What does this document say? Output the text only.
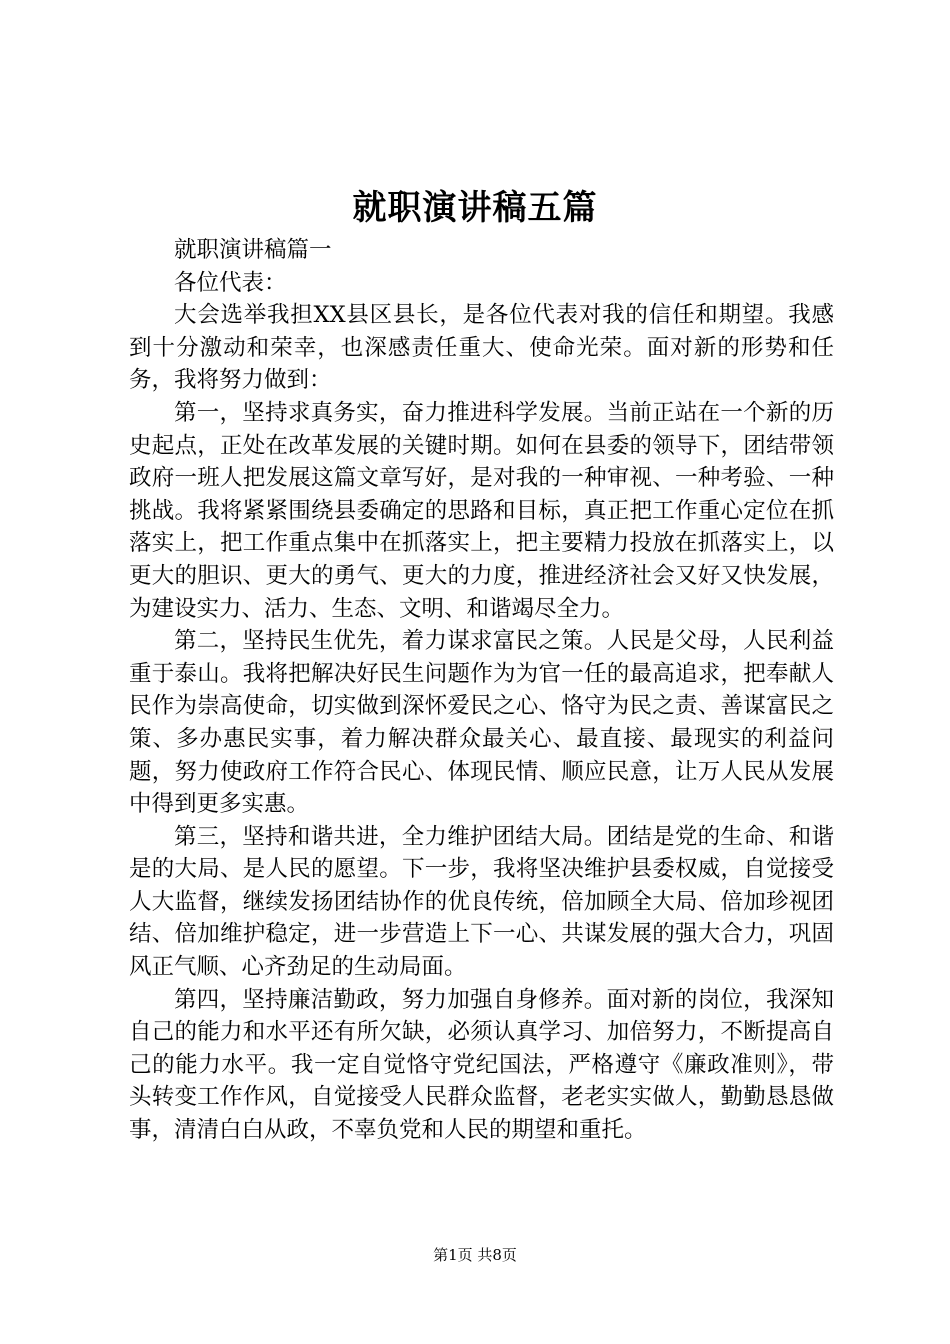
就职演讲稿五篇

就职演讲稿篇一

各位代表：

大会选举我担XX县区县长，是各位代表对我的信任和期望。我感到十分激动和荣幸，也深感责任重大、使命光荣。面对新的形势和任务，我将努力做到：

第一，坚持求真务实，奋力推进科学发展。当前正站在一个新的历史起点，正处在改革发展的关键时期。如何在县委的领导下，团结带领政府一班人把发展这篇文章写好，是对我的一种审视、一种考验、一种挑战。我将紧紧围绕县委确定的思路和目标，真正把工作重心定位在抓落实上，把工作重点集中在抓落实上，把主要精力投放在抓落实上，以更大的胆识、更大的勇气、更大的力度，推进经济社会又好又快发展，为建设实力、活力、生态、文明、和谐竭尽全力。

第二，坚持民生优先，着力谋求富民之策。人民是父母，人民利益重于泰山。我将把解决好民生问题作为为官一任的最高追求，把奉献人民作为崇高使命，切实做到深怀爱民之心、恪守为民之责、善谋富民之策、多办惠民实事，着力解决群众最关心、最直接、最现实的利益问题，努力使政府工作符合民心、体现民情、顺应民意，让万人民从发展中得到更多实惠。

第三，坚持和谐共进，全力维护团结大局。团结是党的生命、和谐是的大局、是人民的愿望。下一步，我将坚决维护县委权威，自觉接受人大监督，继续发扬团结协作的优良传统，倍加顾全大局、倍加珍视团结、倍加维护稳定，进一步营造上下一心、共谋发展的强大合力，巩固风正气顺、心齐劲足的生动局面。

第四，坚持廉洁勤政，努力加强自身修养。面对新的岗位，我深知自己的能力和水平还有所欠缺，必须认真学习、加倍努力，不断提高自己的能力水平。我一定自觉恪守党纪国法，严格遵守《廉政准则》，带头转变工作作风，自觉接受人民群众监督，老老实实做人，勤勤恳恳做事，清清白白从政，不辜负党和人民的期望和重托。

第1页 共8页
